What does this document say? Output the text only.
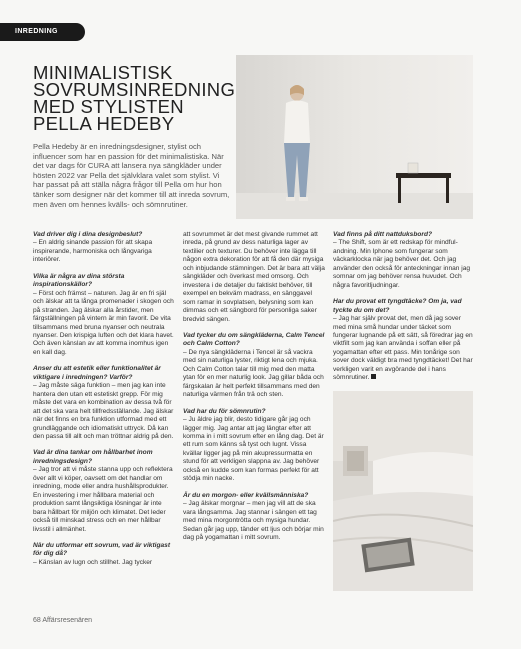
INREDNING
MINIMALISTISK
SOVRUMSINREDNING
MED STYLISTEN
PELLA HEDEBY

Pella Hedeby är en inredningsdesigner, stylist och influencer som har en passion för det minimalistiska. När det var dags för CURA att lansera nya sängkläder under hösten 2022 var Pella det självklara valet som stylist. Vi har passat på att ställa några frågor till Pella om hur hon tänker som designer när det kommer till att inreda sovrum, men även om hennes kvälls- och sömnrutiner.

Vad driver dig i dina designbeslut?
– En aldrig sinande passion för att skapa inspirerande, harmoniska och långvariga interiörer.

Vilka är några av dina största inspirationskällor?
– Först och främst – naturen. Jag är en fri själ och älskar att ta långa promenader i skogen och på stranden. Jag älskar alla årstider, men färgställningen på vintern är min favorit. De vita tillsammans med bruna nyanser och neutrala nyanser. Den krispiga luften och det klara havet. Och även känslan av att komma inomhus igen en kall dag.

Anser du att estetik eller funktionalitet är viktigare i inredningen? Varför?
– Jag måste säga funktion – men jag kan inte hantera den utan ett estetiskt grepp. För mig måste det vara en kombination av dessa två för att det ska vara helt tillfredsställande. Jag älskar när det finns en bra funktion utformad med ett grundläggande och idiomatiskt uttryck. Då kan den passa till allt och man tröttnar aldrig på den.

Vad är dina tankar om hållbarhet inom inredningsdesign?
– Jag tror att vi måste stanna upp och reflektera över allt vi köper, oavsett om det handlar om inredning, mode eller andra hushållsprodukter. En investering i mer hållbara material och produktion samt långsiktiga lösningar är inte bara hållbart för miljön och klimatet. Det leder också till minskad stress och en mer hållbar livsstil i allmänhet.

När du utformar ett sovrum, vad är viktigast för dig då?
– Känslan av lugn och stillhet. Jag tycker

att sovrummet är det mest givande rummet att inreda, på grund av dess naturliga lager av textilier och texturer. Du behöver inte lägga till någon extra dekoration för att få den där mysiga och inbjudande stämningen. Det är bara att välja sängkläder och överkast med omsorg. Och investera i de detaljer du faktiskt behöver, till exempel en bekväm madrass, en sänggavel som ramar in sovplatsen, belysning som kan dimmas och ett sängbord för personliga saker bredvid sängen.

Vad tycker du om sängkläderna, Calm Tencel och Calm Cotton?
– De nya sängkläderna i Tencel är så vackra med sin naturliga lyster, riktigt lena och mjuka. Och Calm Cotton talar till mig med den matta ytan för en mer naturlig look. Jag gillar båda och färgskalan är helt perfekt tillsammans med den naturliga värmen från trä och sten.

Vad har du för sömnrutin?
– Ju äldre jag blir, desto tidigare går jag och lägger mig. Jag antar att jag längtar efter att komma in i mitt sovrum efter en lång dag. Det är ett rum som känns så tyst och lugnt. Vissa kvällar ligger jag på min akupressurmatta en stund för att verkligen slappna av. Jag behöver också en kudde som kan formas perfekt för att stödja min nacke.

Är du en morgon- eller kvällsmänniska?
– Jag älskar morgnar – men jag vill att de ska vara långsamma. Jag stannar i sängen ett tag med mina morgontrötta och mysiga hundar. Sedan går jag upp, tänder ett ljus och börjar min dag på yogamattan i mitt sovrum.

Vad finns på ditt nattduksbord?
– The Shift, som är ett redskap för mindful-andning. Min Iphone som fungerar som väckarklocka när jag behöver det. Och jag använder den också för anteckningar innan jag somnar om jag behöver rensa huvudet. Och några favoritljudningar.

Har du provat ett tyngdtäcke? Om ja, vad tyckte du om det?
– Jag har själv provat det, men då jag sover med mina små hundar under täcket som fungerar lugnande på ett sätt, så föredrar jag en viktfilt som jag kan använda i soffan eller på yogamattan efter ett pass. Min tonårige son sover dock väldigt bra med tyngdtäcket! Det har verkligen varit en avgörande del i hans sömnrutiner.

68 Affärsresenären
